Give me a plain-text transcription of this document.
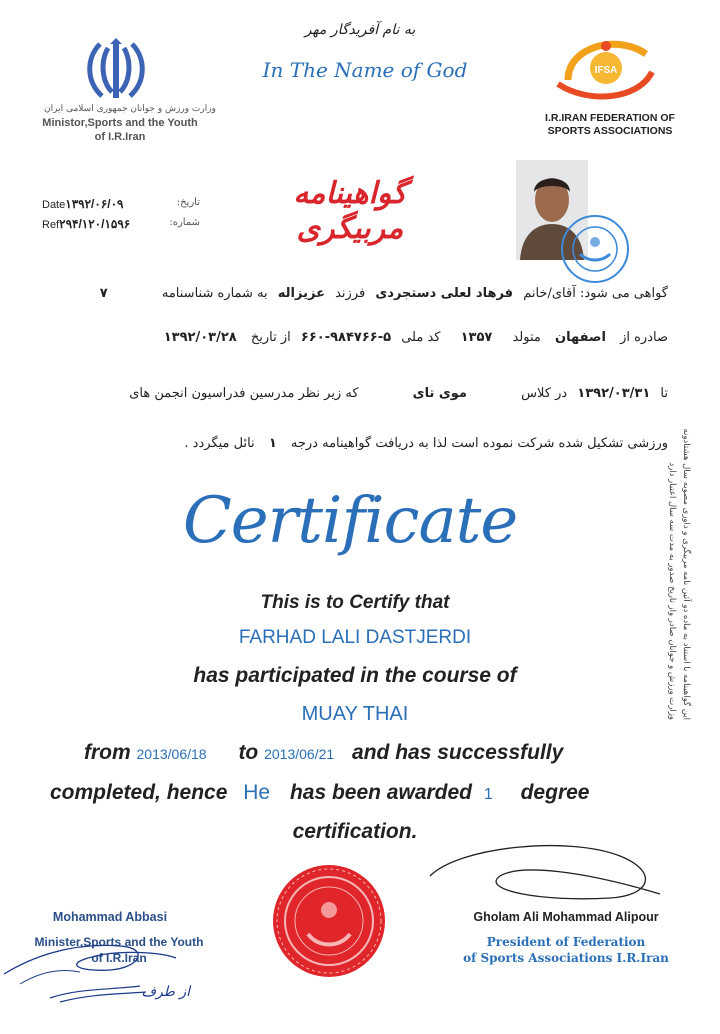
وزارت ورزش و جوانان جمهوری اسلامی ایران
Ministor,Sports and the Youth
of I.R.Iran
به نام آفریدگار مهر
In The Name of God	IFSA
I.R.IRAN FEDERATION OF
SPORTS ASSOCIATIONS
Date۱۳۹۲/۰۶/۰۹	تاریخ:
Ref۲۹۴/۱۲۰/۱۵۹۶	شماره:
گواهینامه مربیگری
گواهی می شود: آقای/خانم فرهاد لعلی دستجردی فرزند عزیزاله به شماره شناسنامه ۷
صادره از اصفهان متولد ۱۳۵۷ کد ملی ۵-۹۸۴۷۶۶-۶۶۰ از تاریخ ۱۳۹۲/۰۳/۲۸
تا ۱۳۹۲/۰۳/۳۱ در کلاس موی تای که زیر نظر مدرسین فدراسیون انجمن های
ورزشی تشکیل شده شرکت نموده است لذا به دریافت گواهینامه درجه ۱ نائل میگردد .	این گواهینامه با استناد به ماده دو آئین نامه مربیگری و داوری مصوبه سال هشتادونه
وزارت ورزش و جوانان صادر واز تاریخ صدور به مدت سه سال اعتبار دارد
Certificate
This is to Certify that
FARHAD LALI DASTJERDI
has participated in the course of
MUAY THAI
from 2013/06/18 to 2013/06/21 and has successfully
completed, hence He has been awarded 1 degree
certification.
Gholam Ali Mohammad Alipour
President of Federation
of Sports Associations I.R.Iran
Mohammad Abbasi
Minister,Sports and the Youth
of I.R.Iran
از طرف
